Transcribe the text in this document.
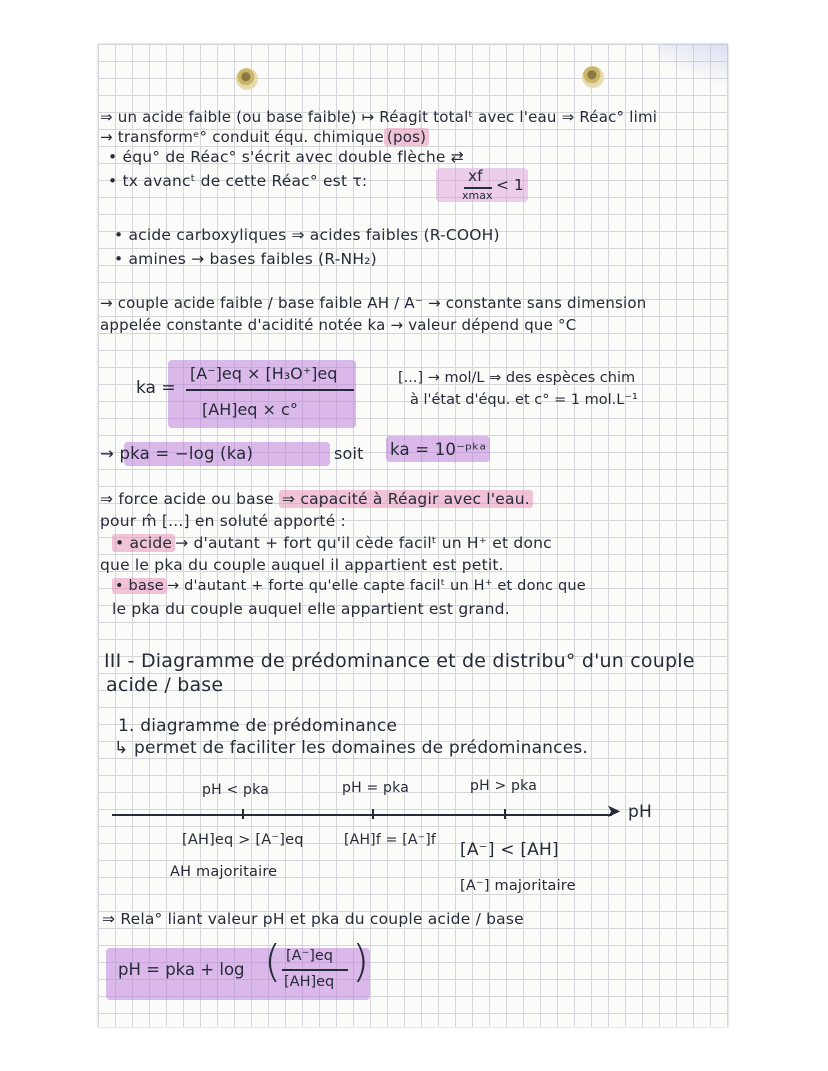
⇒ un acide faible (ou base faible) ↦ Réagit totalᵗ avec l'eau ⇒ Réac° limi
→ transformᵉ° conduit équ. chimique (pos)
• équ° de Réac° s'écrit avec double flèche ⇄
• tx avancᵗ de cette Réac° est τ:	xf
xmax
< 1
• acide carboxyliques ⇒ acides faibles (R-COOH)
• amines → bases faibles (R-NH₂)
→ couple acide faible / base faible AH / A⁻ → constante sans dimension
appelée constante d'acidité notée ka → valeur dépend que °C
ka =
[A⁻]eq × [H₃O⁺]eq
[AH]eq × c°
[...] → mol/L ⇒ des espèces chim
à l'état d'équ. et c° = 1 mol.L⁻¹
→ pka = −log (ka)	soit ka = 10⁻ᵖᵏᵃ
⇒ force acide ou base ⇒ capacité à Réagir avec l'eau.
pour m̂ [...] en soluté apporté :
• acide → d'autant + fort qu'il cède facilᵗ un H⁺ et donc
que le pka du couple auquel il appartient est petit.
• base → d'autant + forte qu'elle capte facilᵗ un H⁺ et donc que
le pka du couple auquel elle appartient est grand.
III - Diagramme de prédominance et de distribu° d'un couple
acide / base
1. diagramme de prédominance
↳ permet de faciliter les domaines de prédominances.
pH < pka	pH = pka	pH > pka
➤ pH
[AH]eq > [A⁻]eq	[AH]f = [A⁻]f [A⁻] < [AH]
AH majoritaire
[A⁻] majoritaire
⇒ Rela° liant valeur pH et pka du couple acide / base
pH = pka + log ( [A⁻]eq
[AH]eq )
